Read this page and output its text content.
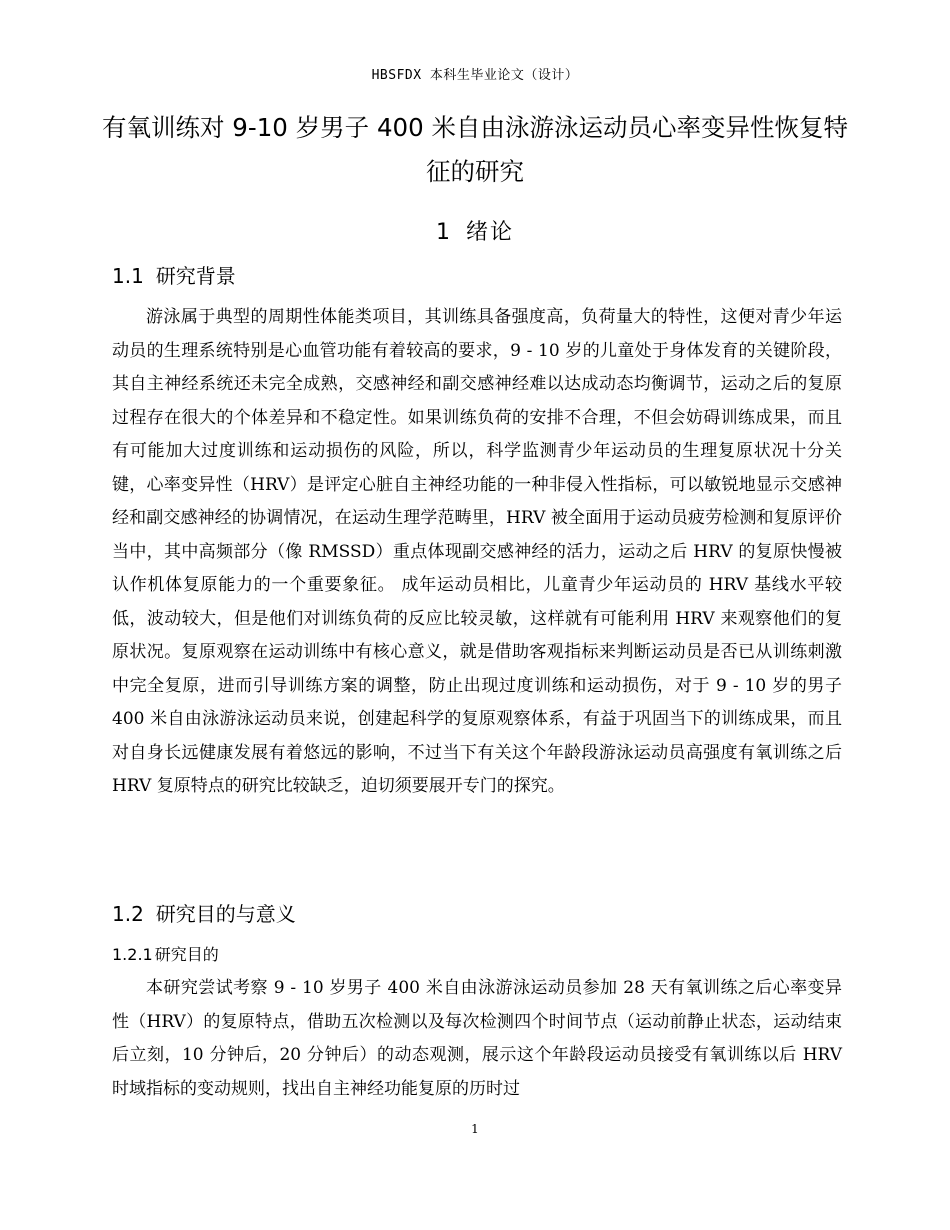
HBSFDX 本科生毕业论文（设计）
有氧训练对 9-10 岁男子 400 米自由泳游泳运动员心率变异性恢复特征的研究
1 绪论
1.1 研究背景

游泳属于典型的周期性体能类项目，其训练具备强度高，负荷量大的特性，这便对青少年运动员的生理系统特别是心血管功能有着较高的要求，9 - 10 岁的儿童处于身体发育的关键阶段，其自主神经系统还未完全成熟，交感神经和副交感神经难以达成动态均衡调节，运动之后的复原过程存在很大的个体差异和不稳定性。如果训练负荷的安排不合理，不但会妨碍训练成果，而且有可能加大过度训练和运动损伤的风险，所以，科学监测青少年运动员的生理复原状况十分关键，心率变异性（HRV）是评定心脏自主神经功能的一种非侵入性指标，可以敏锐地显示交感神经和副交感神经的协调情况，在运动生理学范畴里，HRV 被全面用于运动员疲劳检测和复原评价当中，其中高频部分（像 RMSSD）重点体现副交感神经的活力，运动之后 HRV 的复原快慢被认作机体复原能力的一个重要象征。 成年运动员相比，儿童青少年运动员的 HRV 基线水平较低，波动较大，但是他们对训练负荷的反应比较灵敏，这样就有可能利用 HRV 来观察他们的复原状况。复原观察在运动训练中有核心意义，就是借助客观指标来判断运动员是否已从训练刺激中完全复原，进而引导训练方案的调整，防止出现过度训练和运动损伤，对于 9 - 10 岁的男子 400 米自由泳游泳运动员来说，创建起科学的复原观察体系，有益于巩固当下的训练成果，而且对自身长远健康发展有着悠远的影响，不过当下有关这个年龄段游泳运动员高强度有氧训练之后 HRV 复原特点的研究比较缺乏，迫切须要展开专门的探究。

1.2 研究目的与意义
1.2.1 研究目的

本研究尝试考察 9 - 10 岁男子 400 米自由泳游泳运动员参加 28 天有氧训练之后心率变异性（HRV）的复原特点，借助五次检测以及每次检测四个时间节点（运动前静止状态，运动结束后立刻，10 分钟后，20 分钟后）的动态观测，展示这个年龄段运动员接受有氧训练以后 HRV 时域指标的变动规则，找出自主神经功能复原的历时过

1
